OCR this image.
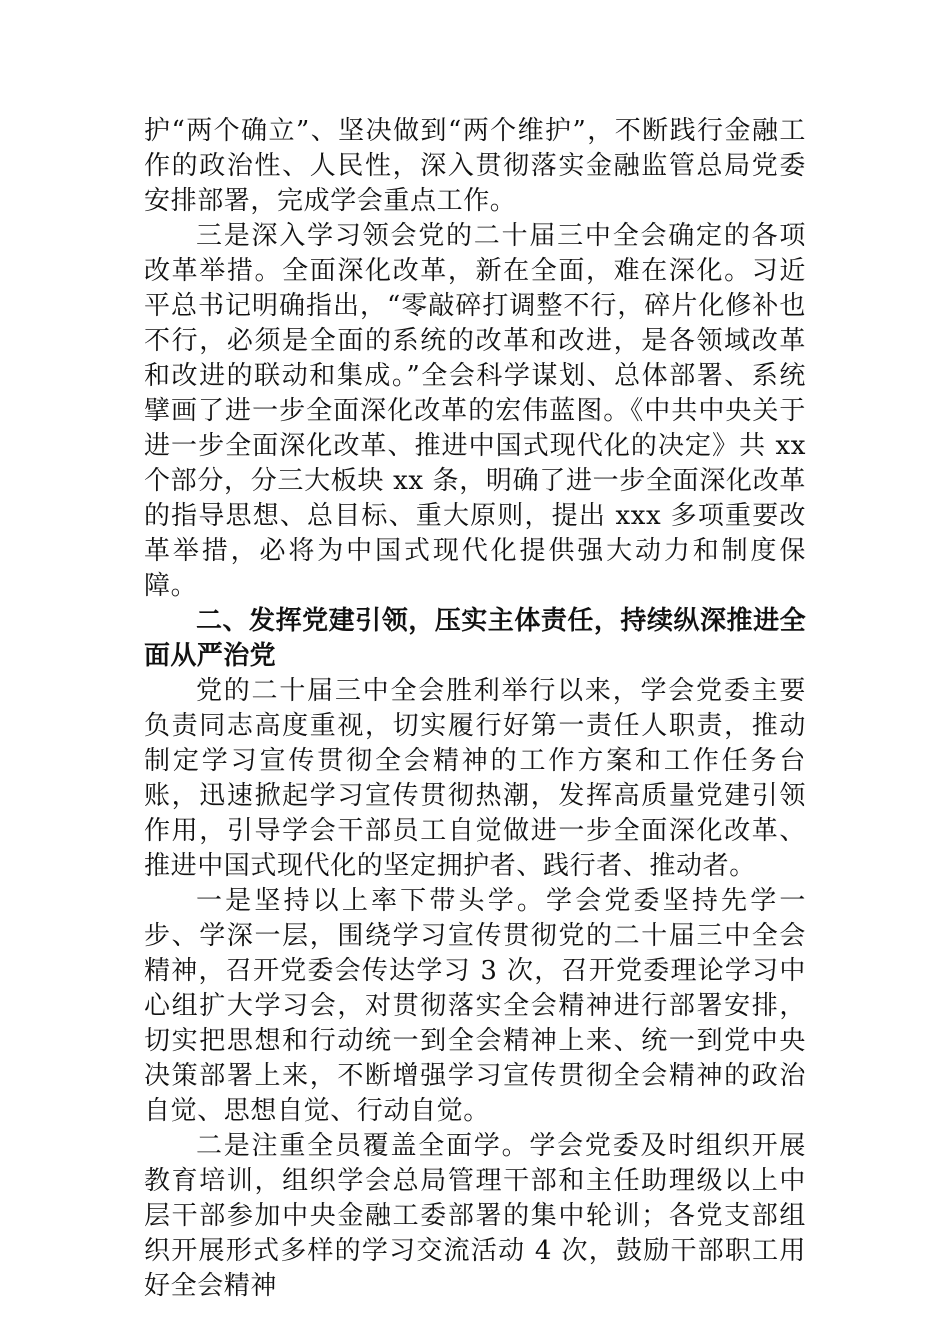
护“两个确立”、坚决做到“两个维护”，不断践行金融工作的政治性、人民性，深入贯彻落实金融监管总局党委安排部署，完成学会重点工作。

三是深入学习领会党的二十届三中全会确定的各项改革举措。全面深化改革，新在全面，难在深化。习近平总书记明确指出，“零敲碎打调整不行，碎片化修补也不行，必须是全面的系统的改革和改进，是各领域改革和改进的联动和集成。”全会科学谋划、总体部署、系统擘画了进一步全面深化改革的宏伟蓝图。《中共中央关于进一步全面深化改革、推进中国式现代化的决定》共 xx 个部分，分三大板块 xx 条，明确了进一步全面深化改革的指导思想、总目标、重大原则，提出 xxx 多项重要改革举措，必将为中国式现代化提供强大动力和制度保障。

二、发挥党建引领，压实主体责任，持续纵深推进全面从严治党

党的二十届三中全会胜利举行以来，学会党委主要负责同志高度重视，切实履行好第一责任人职责，推动制定学习宣传贯彻全会精神的工作方案和工作任务台账，迅速掀起学习宣传贯彻热潮，发挥高质量党建引领作用，引导学会干部员工自觉做进一步全面深化改革、推进中国式现代化的坚定拥护者、践行者、推动者。

一是坚持以上率下带头学。学会党委坚持先学一步、学深一层，围绕学习宣传贯彻党的二十届三中全会精神，召开党委会传达学习 3 次，召开党委理论学习中心组扩大学习会，对贯彻落实全会精神进行部署安排，切实把思想和行动统一到全会精神上来、统一到党中央决策部署上来，不断增强学习宣传贯彻全会精神的政治自觉、思想自觉、行动自觉。

二是注重全员覆盖全面学。学会党委及时组织开展教育培训，组织学会总局管理干部和主任助理级以上中层干部参加中央金融工委部署的集中轮训；各党支部组织开展形式多样的学习交流活动 4 次，鼓励干部职工用好全会精神
